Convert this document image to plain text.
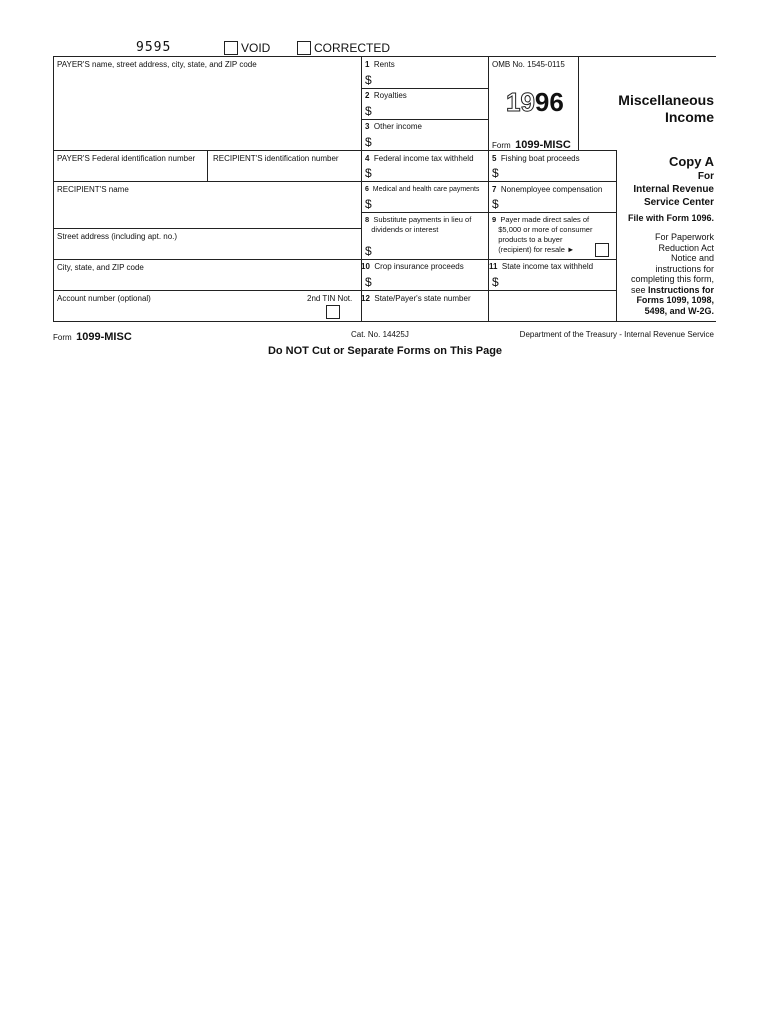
9595	VOID	CORRECTED
PAYER'S name, street address, city, state, and ZIP code
PAYER'S Federal identification number RECIPIENT'S identification number
RECIPIENT'S name
Street address (including apt. no.)
City, state, and ZIP code
Account number (optional)	2nd TIN Not.
1 Rents
$
2 Royalties
$
3 Other income
$
4 Federal income tax withheld
$
5 Fishing boat proceeds
$
6 Medical and health care payments
$
7 Nonemployee compensation
$
8 Substitute payments in lieu of
dividends or interest
$
9 Payer made direct sales of
$5,000 or more of consumer
products to a buyer
(recipient) for resale ►
10 Crop insurance proceeds
$
11 State income tax withheld
$
12 State/Payer's state number
OMB No. 1545-0115
1996
Form 1099-MISC
Miscellaneous
Income
Copy A
For
Internal Revenue
Service Center
File with Form 1096.
For Paperwork
Reduction Act
Notice and
instructions for
completing this form,
see Instructions for
Forms 1099, 1098,
5498, and W-2G.
Form 1099-MISC	Cat. No. 14425J	Department of the Treasury - Internal Revenue Service
Do NOT Cut or Separate Forms on This Page
